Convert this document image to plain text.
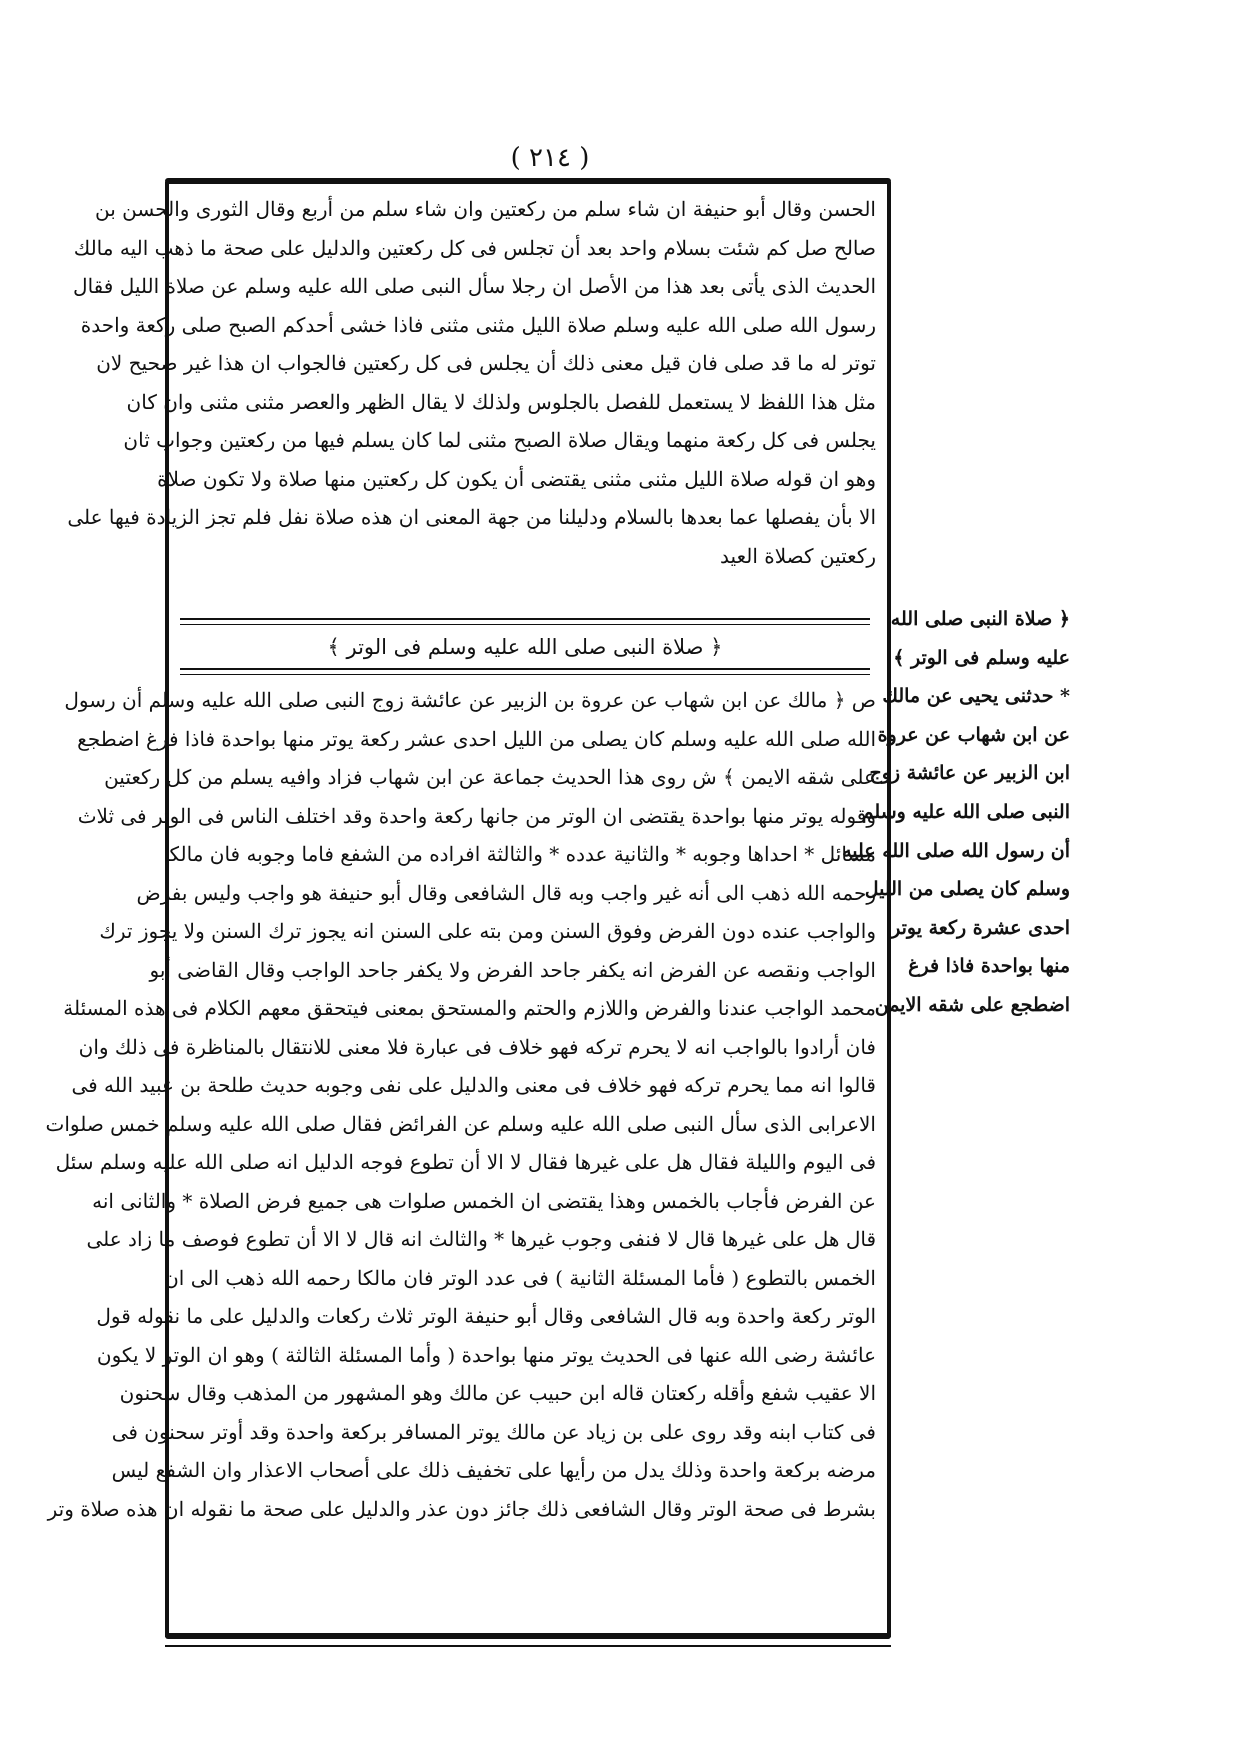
( ٢١٤ )
الحسن وقال أبو حنيفة ان شاء سلم من ركعتين وان شاء سلم من أربع وقال الثورى والحسن بن
صالح صل كم شئت بسلام واحد بعد أن تجلس فى كل ركعتين والدليل على صحة ما ذهب اليه مالك
الحديث الذى يأتى بعد هذا من الأصل ان رجلا سأل النبى صلى الله عليه وسلم عن صلاة الليل فقال
رسول الله صلى الله عليه وسلم صلاة الليل مثنى مثنى فاذا خشى أحدكم الصبح صلى ركعة واحدة
توتر له ما قد صلى فان قيل معنى ذلك أن يجلس فى كل ركعتين فالجواب ان هذا غير صحيح لان
مثل هذا اللفظ لا يستعمل للفصل بالجلوس ولذلك لا يقال الظهر والعصر مثنى مثنى وان كان
يجلس فى كل ركعة منهما ويقال صلاة الصبح مثنى لما كان يسلم فيها من ركعتين وجواب ثان
وهو ان قوله صلاة الليل مثنى مثنى يقتضى أن يكون كل ركعتين منها صلاة ولا تكون صلاة
الا بأن يفصلها عما بعدها بالسلام ودليلنا من جهة المعنى ان هذه صلاة نفل فلم تجز الزيادة فيها على
ركعتين كصلاة العيد
﴿ صلاة النبى صلى الله عليه وسلم فى الوتر ﴾
ص ﴿ مالك عن ابن شهاب عن عروة بن الزبير عن عائشة زوج النبى صلى الله عليه وسلم أن رسول
الله صلى الله عليه وسلم كان يصلى من الليل احدى عشر ركعة يوتر منها بواحدة فاذا فرغ اضطجع
على شقه الايمن ﴾ ش روى هذا الحديث جماعة عن ابن شهاب فزاد وافيه يسلم من كل ركعتين
وقوله يوتر منها بواحدة يقتضى ان الوتر من جانها ركعة واحدة وقد اختلف الناس فى الوتر فى ثلاث
مسائل * احداها وجوبه * والثانية عدده * والثالثة افراده من الشفع فاما وجوبه فان مالكا
رحمه الله ذهب الى أنه غير واجب وبه قال الشافعى وقال أبو حنيفة هو واجب وليس بفرض
والواجب عنده دون الفرض وفوق السنن ومن بته على السنن انه يجوز ترك السنن ولا يجوز ترك
الواجب ونقصه عن الفرض انه يكفر جاحد الفرض ولا يكفر جاحد الواجب وقال القاضى أبو
محمد الواجب عندنا والفرض واللازم والحتم والمستحق بمعنى فيتحقق معهم الكلام فى هذه المسئلة
فان أرادوا بالواجب انه لا يحرم تركه فهو خلاف فى عبارة فلا معنى للانتقال بالمناظرة فى ذلك وان
قالوا انه مما يحرم تركه فهو خلاف فى معنى والدليل على نفى وجوبه حديث طلحة بن عبيد الله فى
الاعرابى الذى سأل النبى صلى الله عليه وسلم عن الفرائض فقال صلى الله عليه وسلم خمس صلوات
فى اليوم والليلة فقال هل على غيرها فقال لا الا أن تطوع فوجه الدليل انه صلى الله عليه وسلم سئل
عن الفرض فأجاب بالخمس وهذا يقتضى ان الخمس صلوات هى جميع فرض الصلاة * والثانى انه
قال هل على غيرها قال لا فنفى وجوب غيرها * والثالث انه قال لا الا أن تطوع فوصف ما زاد على
الخمس بالتطوع ( فأما المسئلة الثانية ) فى عدد الوتر فان مالكا رحمه الله ذهب الى ان
الوتر ركعة واحدة وبه قال الشافعى وقال أبو حنيفة الوتر ثلاث ركعات والدليل على ما نقوله قول
عائشة رضى الله عنها فى الحديث يوتر منها بواحدة ( وأما المسئلة الثالثة ) وهو ان الوتر لا يكون
الا عقيب شفع وأقله ركعتان قاله ابن حبيب عن مالك وهو المشهور من المذهب وقال سحنون
فى كتاب ابنه وقد روى على بن زياد عن مالك يوتر المسافر بركعة واحدة وقد أوتر سحنون فى
مرضه بركعة واحدة وذلك يدل من رأيها على تخفيف ذلك على أصحاب الاعذار وان الشفع ليس
بشرط فى صحة الوتر وقال الشافعى ذلك جائز دون عذر والدليل على صحة ما نقوله ان هذه صلاة وتر
﴿ صلاة النبى صلى الله
عليه وسلم فى الوتر ﴾
* حدثنى يحيى عن مالك
عن ابن شهاب عن عروة
ابن الزبير عن عائشة زوج
النبى صلى الله عليه وسلم
أن رسول الله صلى الله عليه
وسلم كان يصلى من الليل
احدى عشرة ركعة يوتر
منها بواحدة فاذا فرغ
اضطجع على شقه الايمن
